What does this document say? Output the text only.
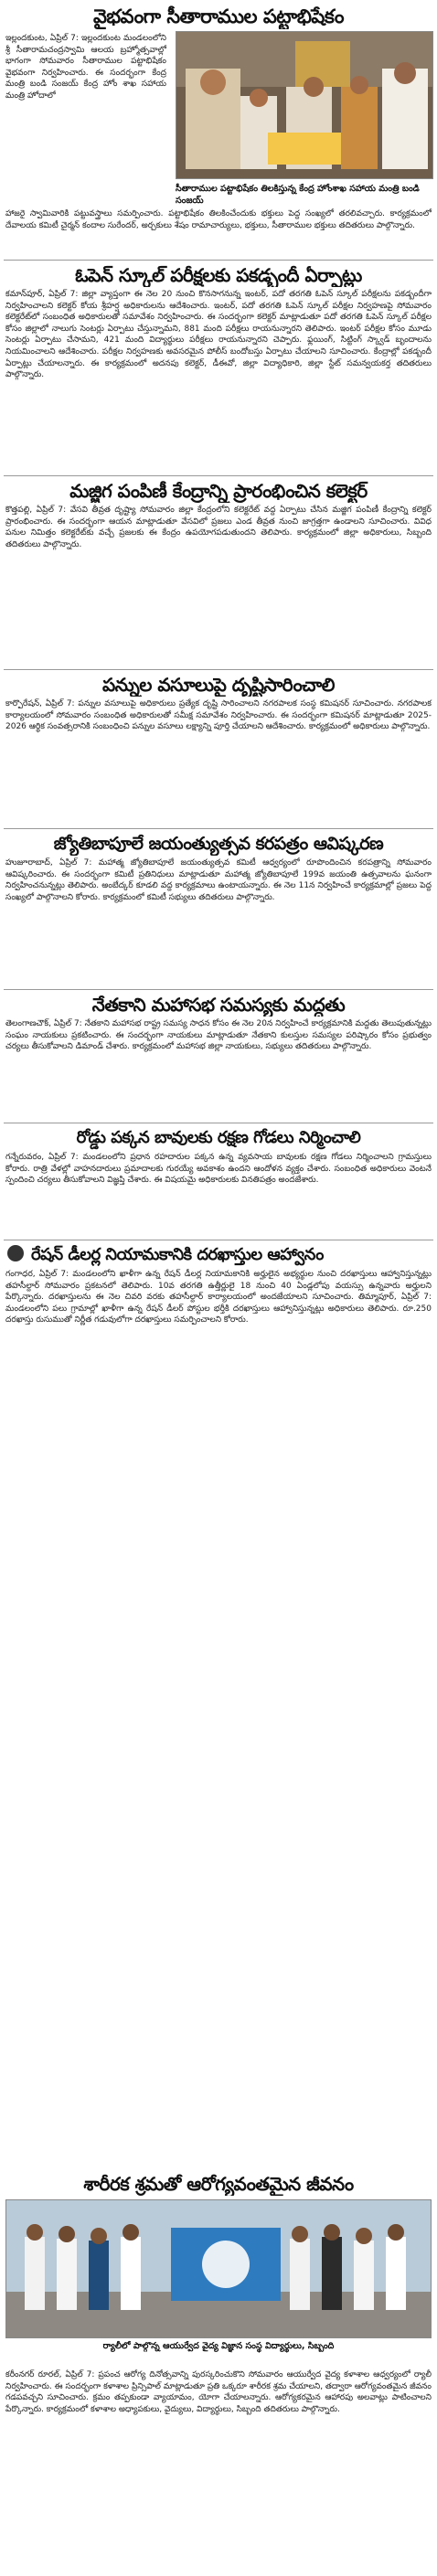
వైభవంగా సీతారాముల పట్టాభిషేకం

ఇల్లందకుంట, ఏప్రిల్ 7: ఇల్లందకుంట మండలంలోని శ్రీ సీతారామచంద్రస్వామి ఆలయ బ్రహ్మోత్సవాల్లో భాగంగా సోమవారం సీతారాముల పట్టాభిషేకం వైభవంగా నిర్వహించారు. ఈ సందర్భంగా కేంద్ర మంత్రి బండి సంజయ్ కేంద్ర హోం శాఖ సహాయ మంత్రి హోదాలో

సీతారాముల పట్టాభిషేకం తిలకిస్తున్న కేంద్ర హోంశాఖ సహాయ మంత్రి బండి సంజయ్

హాజరై స్వామివారికి పట్టువస్త్రాలు సమర్పించారు. పట్టాభిషేకం తిలకించేందుకు భక్తులు పెద్ద సంఖ్యలో తరలివచ్చారు. కార్యక్రమంలో దేవాలయ కమిటీ చైర్మన్ కందాల సురేందర్, అర్చకులు శేషం రామాచార్యులు, భక్తులు, సీతారాముల భక్తులు తదితరులు పాల్గొన్నారు.

ఓపెన్ స్కూల్ పరీక్షలకు పకడ్బందీ ఏర్పాట్లు

కమాన్‌పూర్, ఏప్రిల్ 7: జిల్లా వ్యాప్తంగా ఈ నెల 20 నుంచి కొనసాగనున్న ఇంటర్, పదో తరగతి ఓపెన్ స్కూల్ పరీక్షలను పకడ్బందీగా నిర్వహించాలని కలెక్టర్ కోయ శ్రీహర్ష అధికారులను ఆదేశించారు. ఇంటర్, పదో తరగతి ఓపెన్ స్కూల్ పరీక్షల నిర్వహణపై సోమవారం కలెక్టరేట్‌లో సంబంధిత అధికారులతో సమావేశం నిర్వహించారు. ఈ సందర్భంగా కలెక్టర్ మాట్లాడుతూ పదో తరగతి ఓపెన్ స్కూల్ పరీక్షల కోసం జిల్లాలో నాలుగు సెంటర్లు ఏర్పాటు చేస్తున్నామని, 881 మంది పరీక్షలు రాయనున్నారని తెలిపారు. ఇంటర్ పరీక్షల కోసం మూడు సెంటర్లు ఏర్పాటు చేసామని, 421 మంది విద్యార్థులు పరీక్షలు రాయనున్నారని చెప్పారు. ఫ్లయింగ్, సిట్టింగ్ స్క్వాడ్ బృందాలను నియమించాలని ఆదేశించారు. పరీక్షల నిర్వహణకు అవసరమైన పోలీస్ బందోబస్తు ఏర్పాటు చేయాలని సూచించారు. కేంద్రాల్లో పకడ్బందీ ఏర్పాట్లు చేయాలన్నారు. ఈ కార్యక్రమంలో అదనపు కలెక్టర్, డీఈవో, జిల్లా విద్యాధికారి, జిల్లా స్టేట్ సమన్వయకర్త తదితరులు పాల్గొన్నారు.

మజ్జిగ పంపిణీ కేంద్రాన్ని ప్రారంభించిన కలెక్టర్

కొత్తపల్లి, ఏప్రిల్ 7: వేసవి తీవ్రత దృష్ట్యా సోమవారం జిల్లా కేంద్రంలోని కలెక్టరేట్ వద్ద ఏర్పాటు చేసిన మజ్జిగ పంపిణీ కేంద్రాన్ని కలెక్టర్ ప్రారంభించారు. ఈ సందర్భంగా ఆయన మాట్లాడుతూ వేసవిలో ప్రజలు ఎండ తీవ్రత నుంచి జాగ్రత్తగా ఉండాలని సూచించారు. వివిధ పనుల నిమిత్తం కలెక్టరేట్‌కు వచ్చే ప్రజలకు ఈ కేంద్రం ఉపయోగపడుతుందని తెలిపారు. కార్యక్రమంలో జిల్లా అధికారులు, సిబ్బంది తదితరులు పాల్గొన్నారు.

పన్నుల వసూలుపై దృష్టిసారించాలి

కార్పొరేషన్, ఏప్రిల్ 7: పన్నుల వసూలుపై అధికారులు ప్రత్యేక దృష్టి సారించాలని నగరపాలక సంస్థ కమిషనర్ సూచించారు. నగరపాలక కార్యాలయంలో సోమవారం సంబంధిత అధికారులతో సమీక్ష సమావేశం నిర్వహించారు. ఈ సందర్భంగా కమిషనర్ మాట్లాడుతూ 2025-2026 ఆర్థిక సంవత్సరానికి సంబంధించి పన్నుల వసూలు లక్ష్యాన్ని పూర్తి చేయాలని ఆదేశించారు. కార్యక్రమంలో అధికారులు పాల్గొన్నారు.

జ్యోతిబాపూలే జయంత్యుత్సవ కరపత్రం ఆవిష్కరణ

హుజూరాబాద్, ఏప్రిల్ 7: మహాత్మ జ్యోతిబాపూలే జయంత్యుత్సవ కమిటీ ఆధ్వర్యంలో రూపొందించిన కరపత్రాన్ని సోమవారం ఆవిష్కరించారు. ఈ సందర్భంగా కమిటీ ప్రతినిధులు మాట్లాడుతూ మహాత్మ జ్యోతిబాపూలే 199వ జయంతి ఉత్సవాలను ఘనంగా నిర్వహించనున్నట్లు తెలిపారు. అంబేద్కర్ కూడలి వద్ద కార్యక్రమాలు ఉంటాయన్నారు. ఈ నెల 11న నిర్వహించే కార్యక్రమాల్లో ప్రజలు పెద్ద సంఖ్యలో పాల్గొనాలని కోరారు. కార్యక్రమంలో కమిటీ సభ్యులు తదితరులు పాల్గొన్నారు.

నేతకాని మహాసభ సమస్యకు మద్దతు

తెలంగాణచౌక్, ఏప్రిల్ 7: నేతకాని మహాసభ రాష్ట్ర సమస్య సాధన కోసం ఈ నెల 20న నిర్వహించే కార్యక్రమానికి మద్దతు తెలుపుతున్నట్లు సంఘం నాయకులు ప్రకటించారు. ఈ సందర్భంగా నాయకులు మాట్లాడుతూ నేతకాని కులస్తుల సమస్యల పరిష్కారం కోసం ప్రభుత్వం చర్యలు తీసుకోవాలని డిమాండ్ చేశారు. కార్యక్రమంలో మహాసభ జిల్లా నాయకులు, సభ్యులు తదితరులు పాల్గొన్నారు.

రోడ్డు పక్కన బావులకు రక్షణ గోడలు నిర్మించాలి

గన్నేరువరం, ఏప్రిల్ 7: మండలంలోని ప్రధాన రహదారుల పక్కన ఉన్న వ్యవసాయ బావులకు రక్షణ గోడలు నిర్మించాలని గ్రామస్తులు కోరారు. రాత్రి వేళల్లో వాహనదారులు ప్రమాదాలకు గురయ్యే అవకాశం ఉందని ఆందోళన వ్యక్తం చేశారు. సంబంధిత అధికారులు వెంటనే స్పందించి చర్యలు తీసుకోవాలని విజ్ఞప్తి చేశారు. ఈ విషయమై అధికారులకు వినతిపత్రం అందజేశారు.

రేషన్ డీలర్ల నియామకానికి దరఖాస్తుల ఆహ్వానం

గంగాధర, ఏప్రిల్ 7: మండలంలోని ఖాళీగా ఉన్న రేషన్ డీలర్ల నియామకానికి అర్హులైన అభ్యర్థుల నుంచి దరఖాస్తులు ఆహ్వానిస్తున్నట్లు తహసీల్దార్ సోమవారం ప్రకటనలో తెలిపారు. 10వ తరగతి ఉత్తీర్ణులై 18 నుంచి 40 ఏండ్లలోపు వయస్సు ఉన్నవారు అర్హులని పేర్కొన్నారు. దరఖాస్తులను ఈ నెల చివరి వరకు తహసీల్దార్ కార్యాలయంలో అందజేయాలని సూచించారు. తిమ్మాపూర్, ఏప్రిల్ 7: మండలంలోని పలు గ్రామాల్లో ఖాళీగా ఉన్న రేషన్ డీలర్ పోస్టుల భర్తీకి దరఖాస్తులు ఆహ్వానిస్తున్నట్లు అధికారులు తెలిపారు. రూ.250 దరఖాస్తు రుసుముతో నిర్ణీత గడువులోగా దరఖాస్తులు సమర్పించాలని కోరారు.

శారీరక శ్రమతో ఆరోగ్యవంతమైన జీవనం
ర్యాలీలో పాల్గొన్న ఆయుర్వేద వైద్య విజ్ఞాన సంస్థ విద్యార్థులు, సిబ్బంది

కరీంనగర్ రూరల్, ఏప్రిల్ 7: ప్రపంచ ఆరోగ్య దినోత్సవాన్ని పురస్కరించుకొని సోమవారం ఆయుర్వేద వైద్య కళాశాల ఆధ్వర్యంలో ర్యాలీ నిర్వహించారు. ఈ సందర్భంగా కళాశాల ప్రిన్సిపాల్ మాట్లాడుతూ ప్రతి ఒక్కరూ శారీరక శ్రమ చేయాలని, తద్వారా ఆరోగ్యవంతమైన జీవనం గడపవచ్చని సూచించారు. క్రమం తప్పకుండా వ్యాయామం, యోగా చేయాలన్నారు. ఆరోగ్యకరమైన ఆహారపు అలవాట్లు పాటించాలని పేర్కొన్నారు. కార్యక్రమంలో కళాశాల అధ్యాపకులు, వైద్యులు, విద్యార్థులు, సిబ్బంది తదితరులు పాల్గొన్నారు.
